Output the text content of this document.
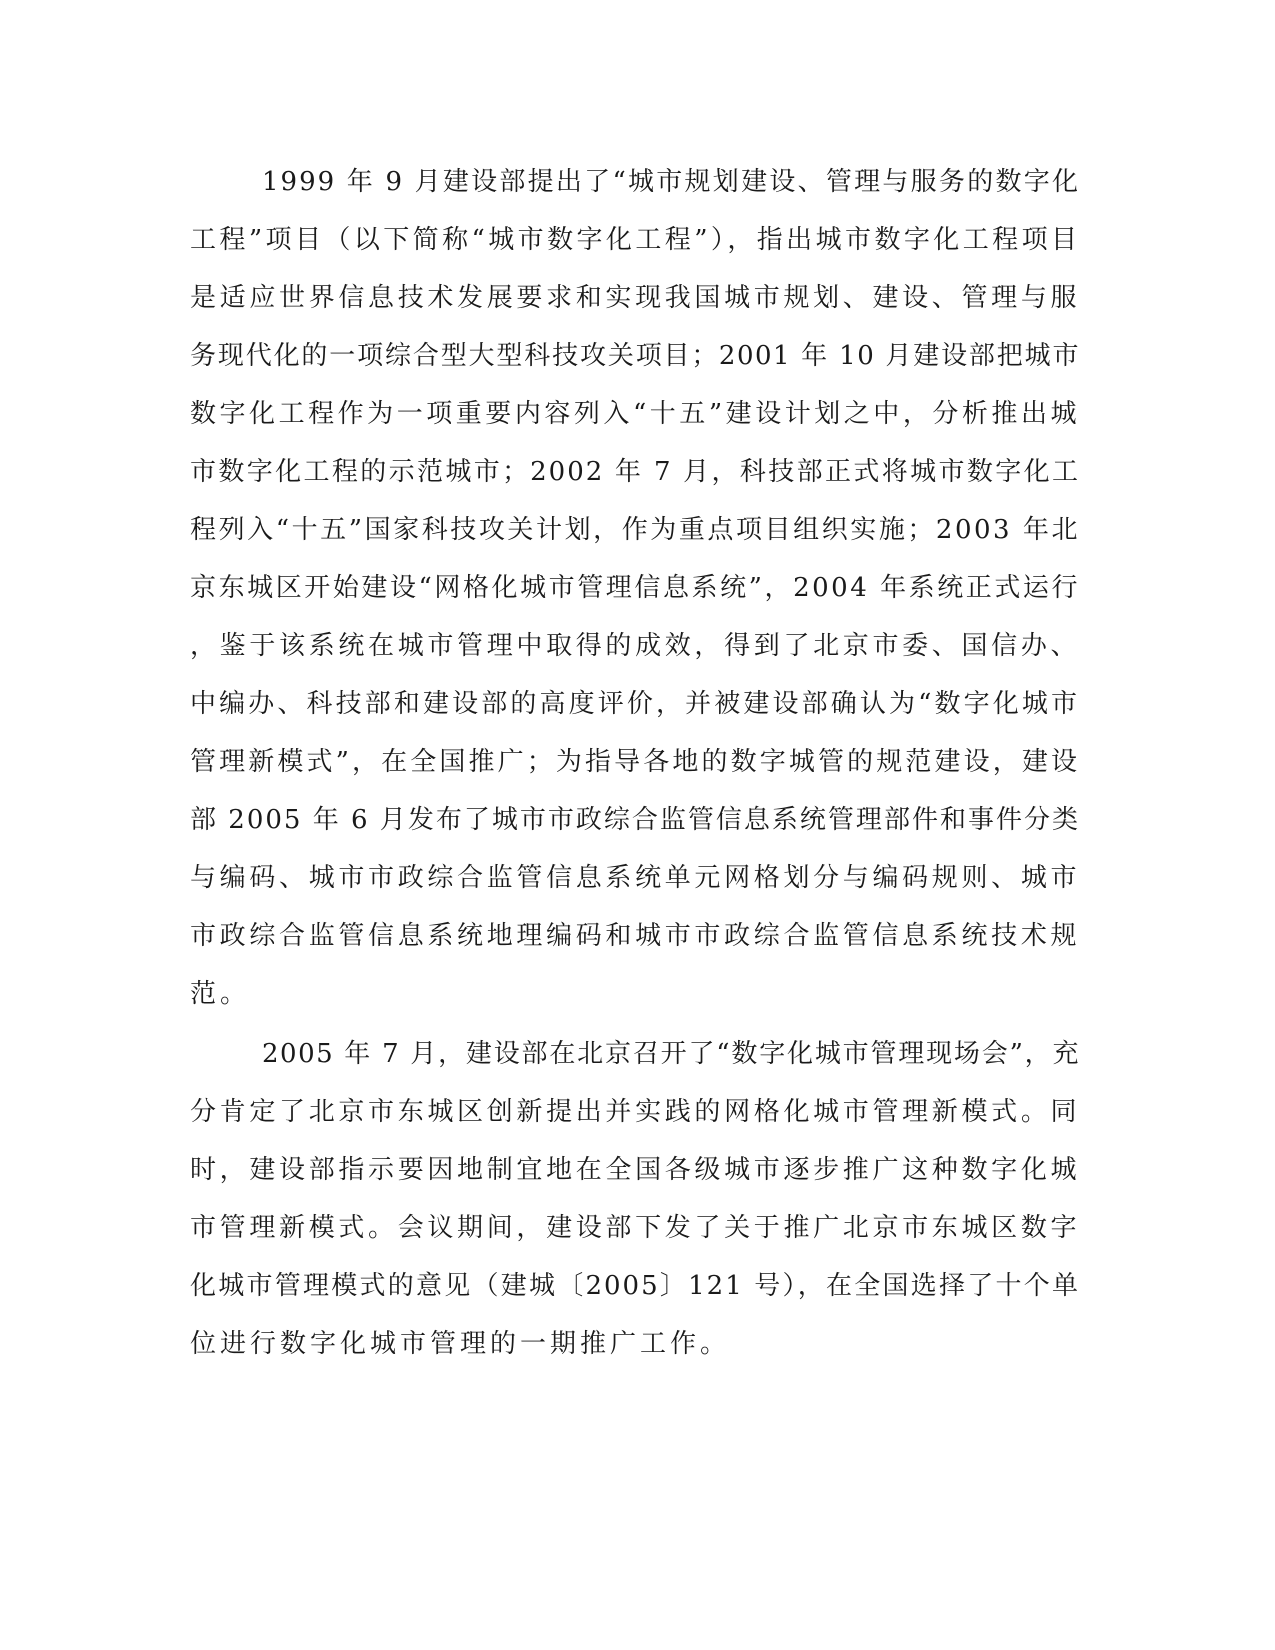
1999 年 9 月建设部提出了“城市规划建设、管理与服务的数字化
工程”项目（以下简称“城市数字化工程”），指出城市数字化工程项目
是适应世界信息技术发展要求和实现我国城市规划、建设、管理与服
务现代化的一项综合型大型科技攻关项目；2001 年 10 月建设部把城市
数字化工程作为一项重要内容列入“十五”建设计划之中，分析推出城
市数字化工程的示范城市；2002 年 7 月，科技部正式将城市数字化工
程列入“十五”国家科技攻关计划，作为重点项目组织实施；2003 年北
京东城区开始建设“网格化城市管理信息系统”，2004 年系统正式运行
，鉴于该系统在城市管理中取得的成效，得到了北京市委、国信办、
中编办、科技部和建设部的高度评价，并被建设部确认为“数字化城市
管理新模式”，在全国推广；为指导各地的数字城管的规范建设，建设
部 2005 年 6 月发布了城市市政综合监管信息系统管理部件和事件分类
与编码、城市市政综合监管信息系统单元网格划分与编码规则、城市
市政综合监管信息系统地理编码和城市市政综合监管信息系统技术规
范。
2005 年 7 月，建设部在北京召开了“数字化城市管理现场会”，充
分肯定了北京市东城区创新提出并实践的网格化城市管理新模式。同
时，建设部指示要因地制宜地在全国各级城市逐步推广这种数字化城
市管理新模式。会议期间，建设部下发了关于推广北京市东城区数字
化城市管理模式的意见（建城〔2005〕121 号），在全国选择了十个单
位进行数字化城市管理的一期推广工作。
